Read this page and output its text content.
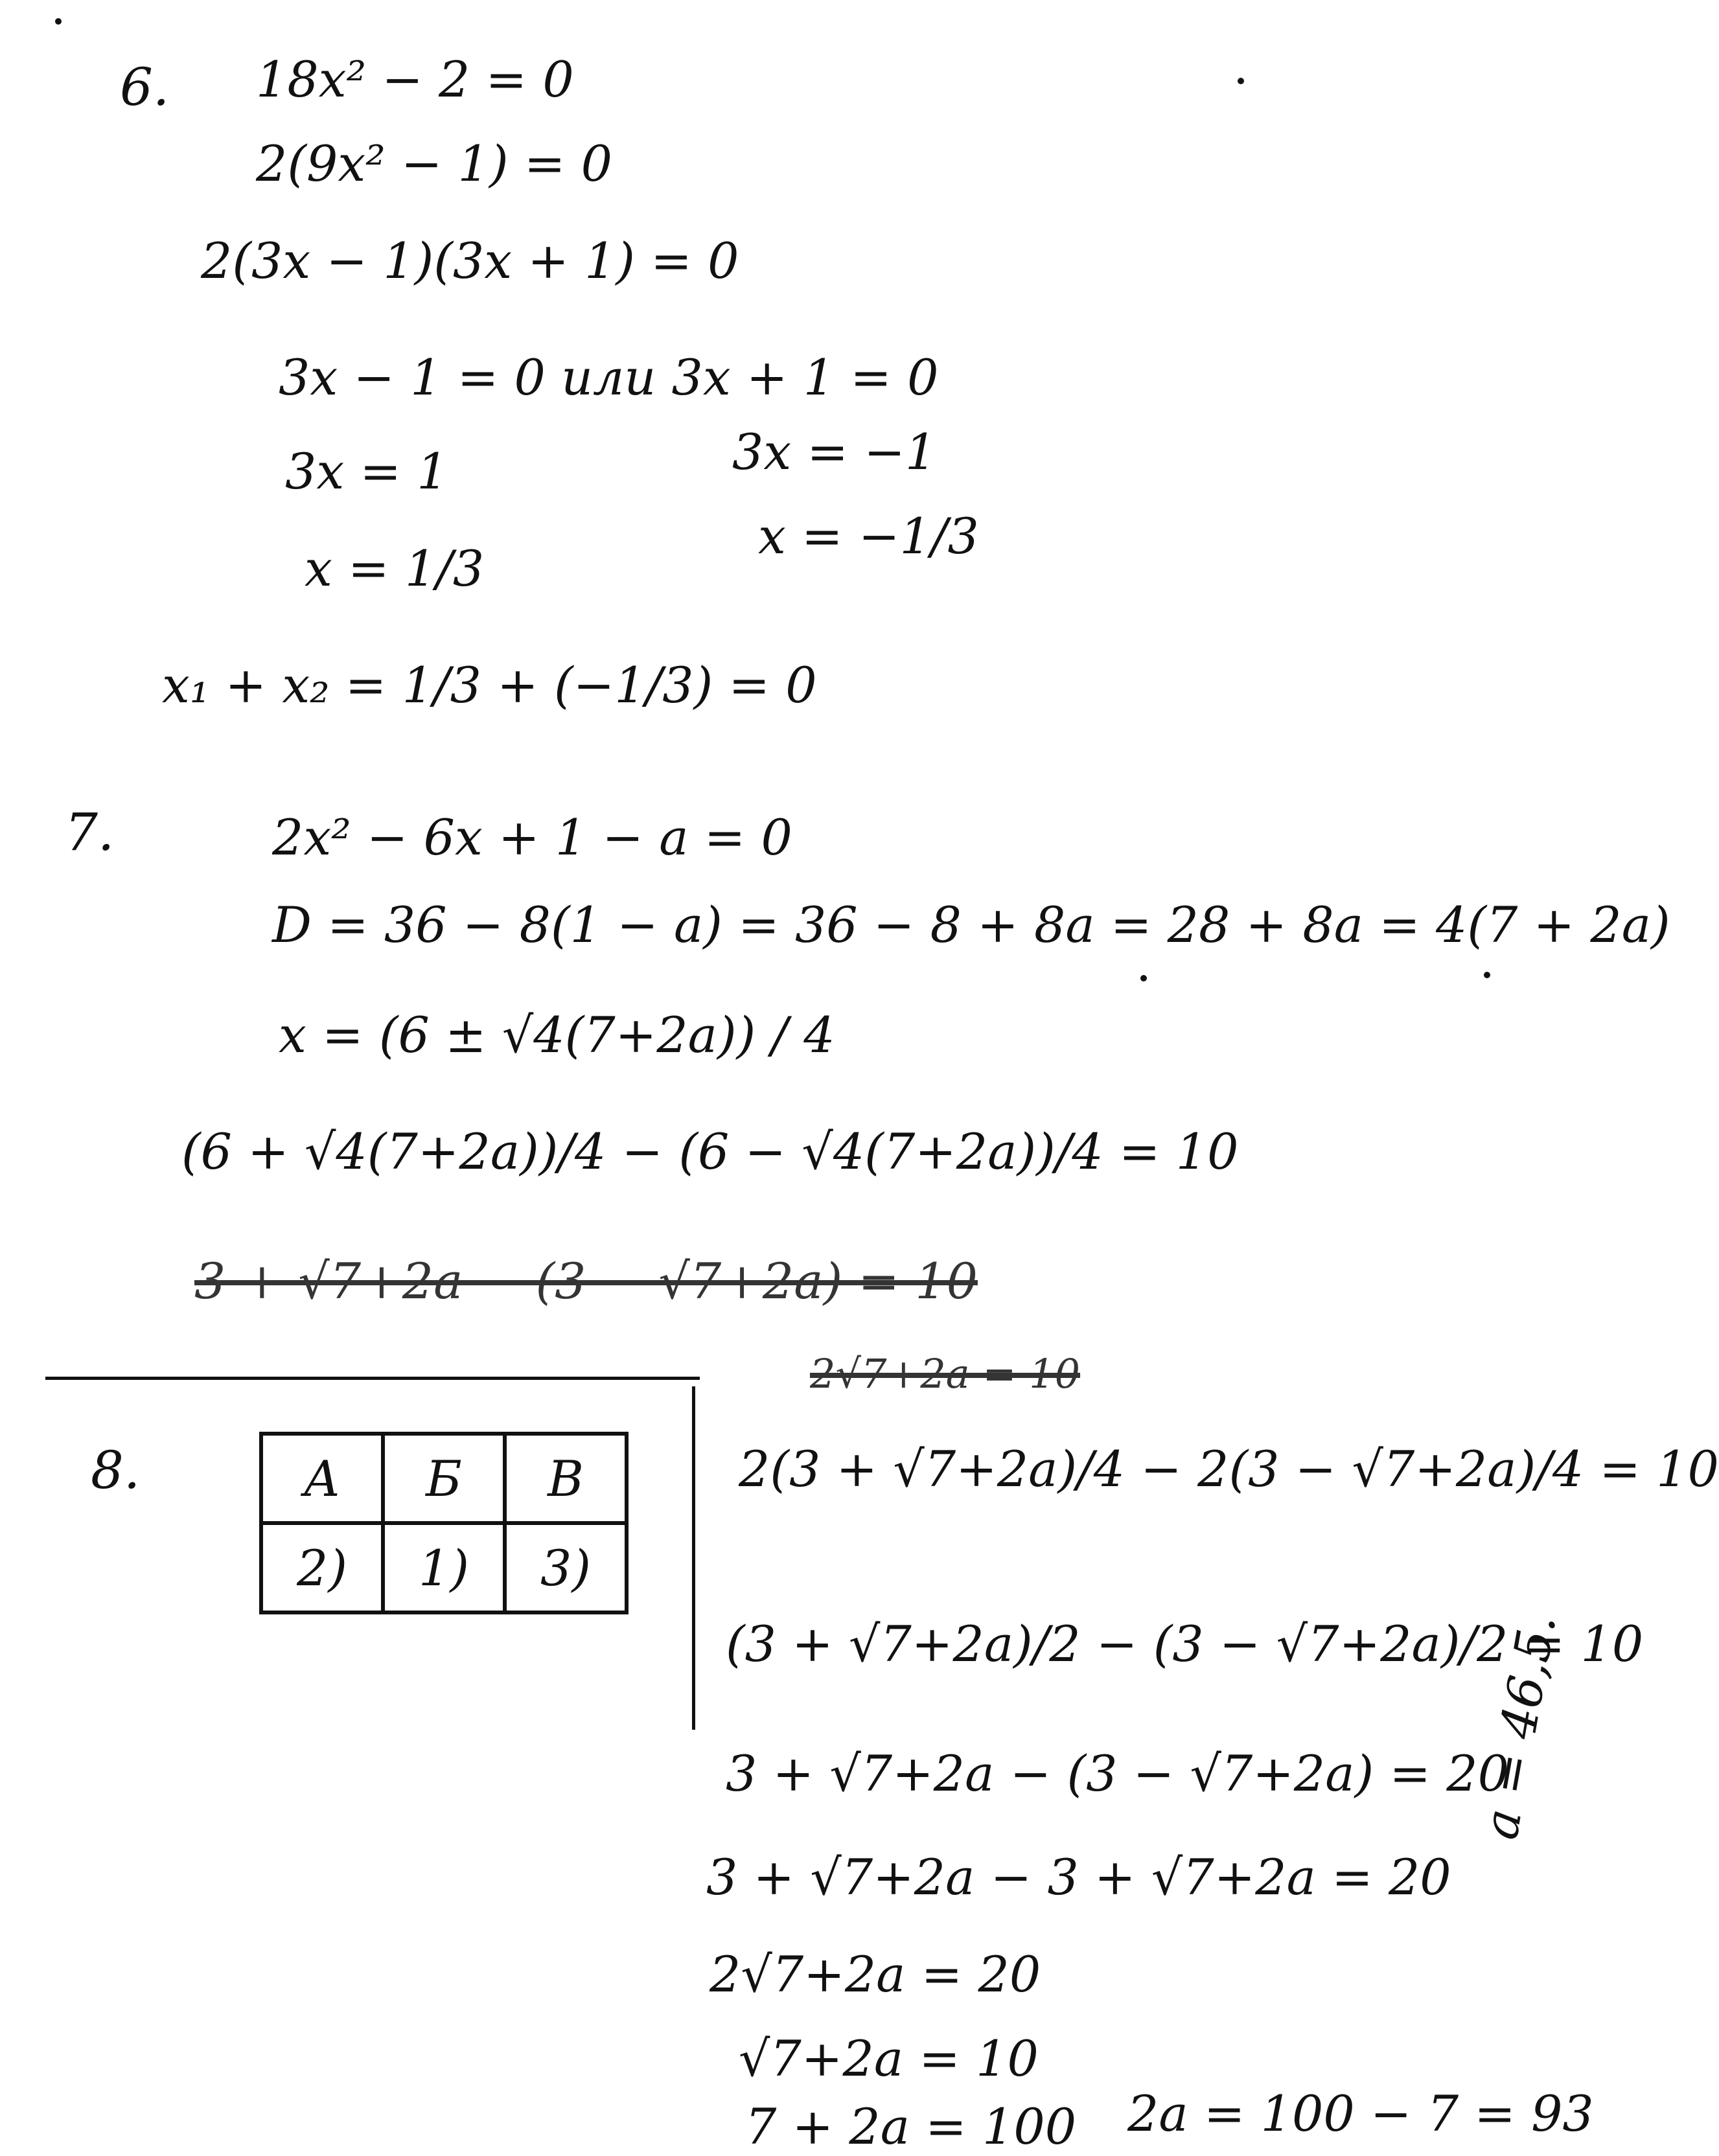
6. 18x² − 2 = 0
2(9x² − 1) = 0
2(3x − 1)(3x + 1) = 0
3x − 1 = 0 или 3x + 1 = 0
3x = 1	3x = −1
x = 1/3
x = −1/3
x₁ + x₂ = 1/3 + (−1/3) = 0
7.	2x² − 6x + 1 − a = 0
D = 36 − 8(1 − a) = 36 − 8 + 8a = 28 + 8a = 4(7 + 2a)
x = (6 ± √4(7+2a)) / 4
(6 + √4(7+2a))/4 − (6 − √4(7+2a))/4 = 10
3 + √7+2a − (3 − √7+2a) = 10
2√7+2a = 10
2(3 + √7+2a)/4 − 2(3 − √7+2a)/4 = 10
(3 + √7+2a)/2 − (3 − √7+2a)/2 = 10
3 + √7+2a − (3 − √7+2a) = 20
3 + √7+2a − 3 + √7+2a = 20
2√7+2a = 20
√7+2a = 10
7 + 2a = 100 2a = 100 − 7 = 93
a = 46,5.
8.	А	Б	В
2)	1)	3)
